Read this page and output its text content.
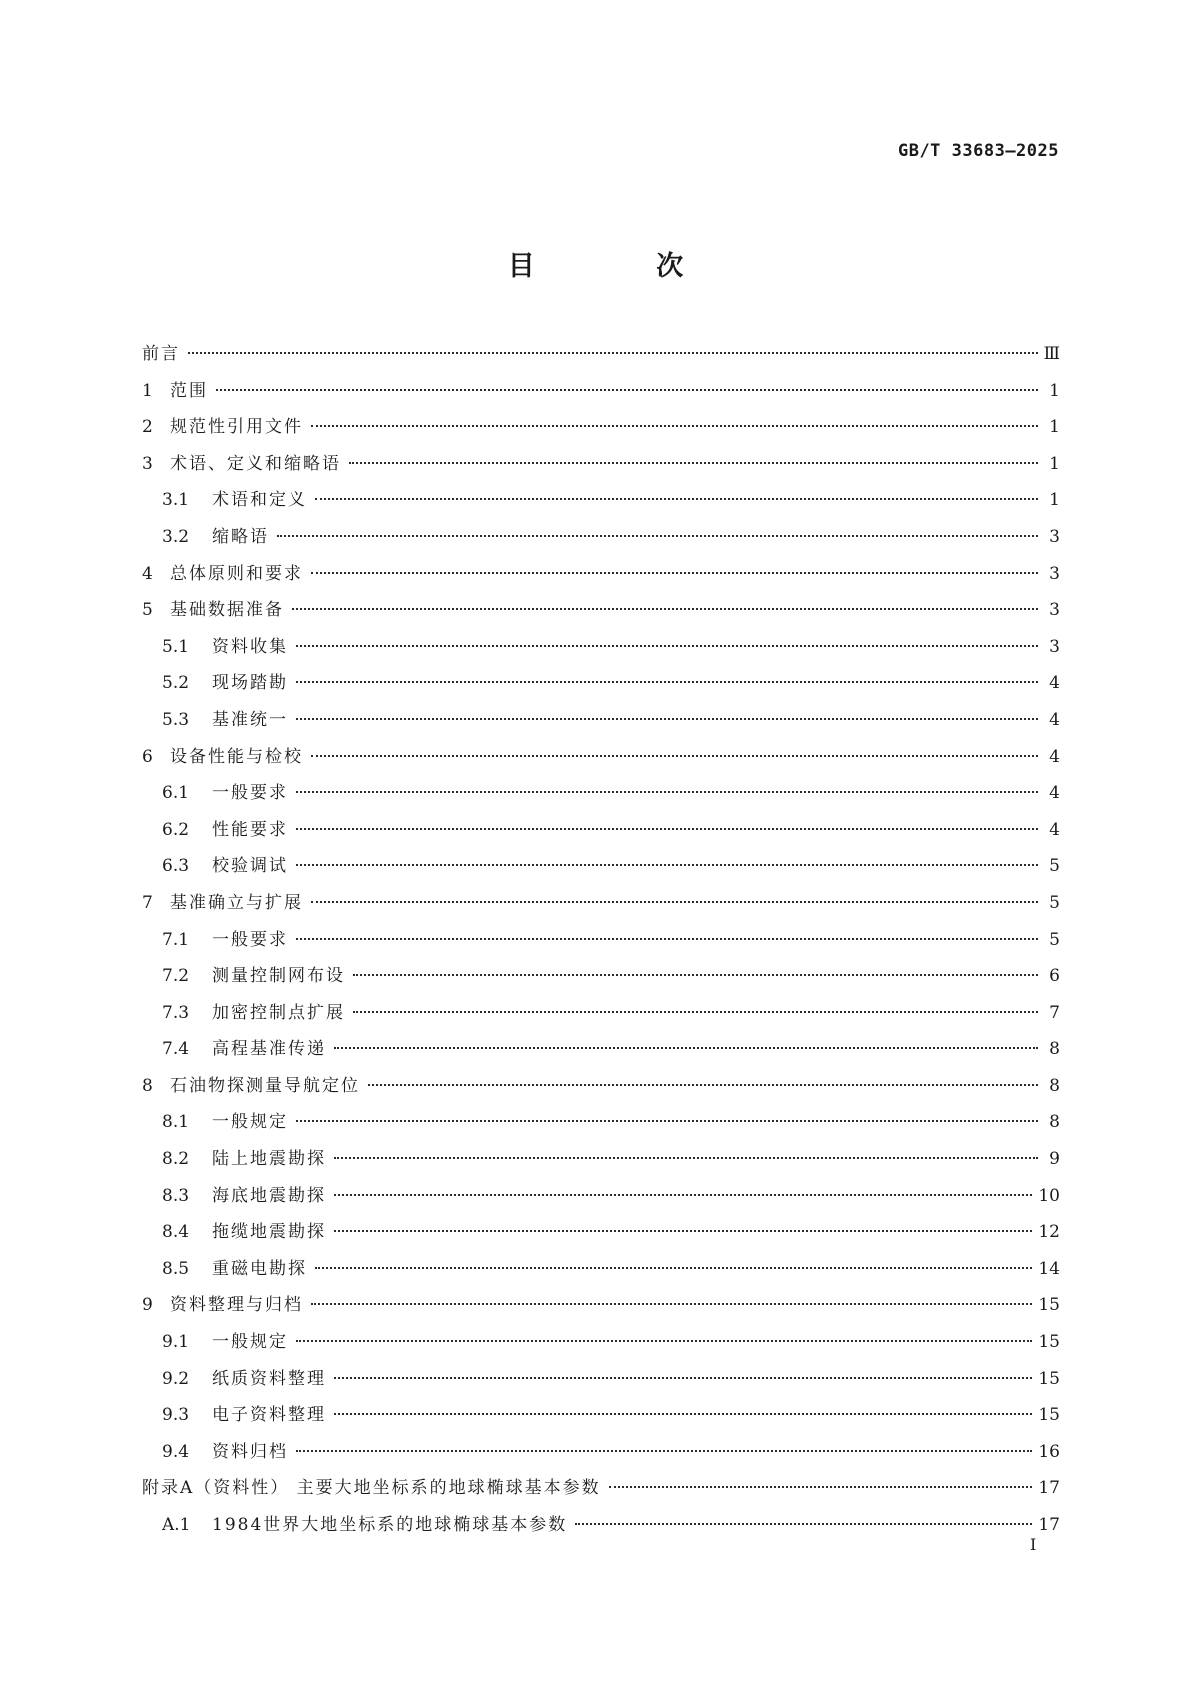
GB/T 33683—2025
目 次
前言	Ⅲ
1	范围	1
2	规范性引用文件	1
3	术语、定义和缩略语	1
3.1	术语和定义	1
3.2	缩略语	3
4	总体原则和要求	3
5	基础数据准备	3
5.1	资料收集	3
5.2	现场踏勘	4
5.3	基准统一	4
6	设备性能与检校	4
6.1	一般要求	4
6.2	性能要求	4
6.3	校验调试	5
7	基准确立与扩展	5
7.1	一般要求	5
7.2	测量控制网布设	6
7.3	加密控制点扩展	7
7.4	高程基准传递	8
8	石油物探测量导航定位	8
8.1	一般规定	8
8.2	陆上地震勘探	9
8.3	海底地震勘探	10
8.4	拖缆地震勘探	12
8.5	重磁电勘探	14
9	资料整理与归档	15
9.1	一般规定	15
9.2	纸质资料整理	15
9.3	电子资料整理	15
9.4	资料归档	16
附录A（资料性） 主要大地坐标系的地球椭球基本参数	17
A.1	1984世界大地坐标系的地球椭球基本参数	17
I
